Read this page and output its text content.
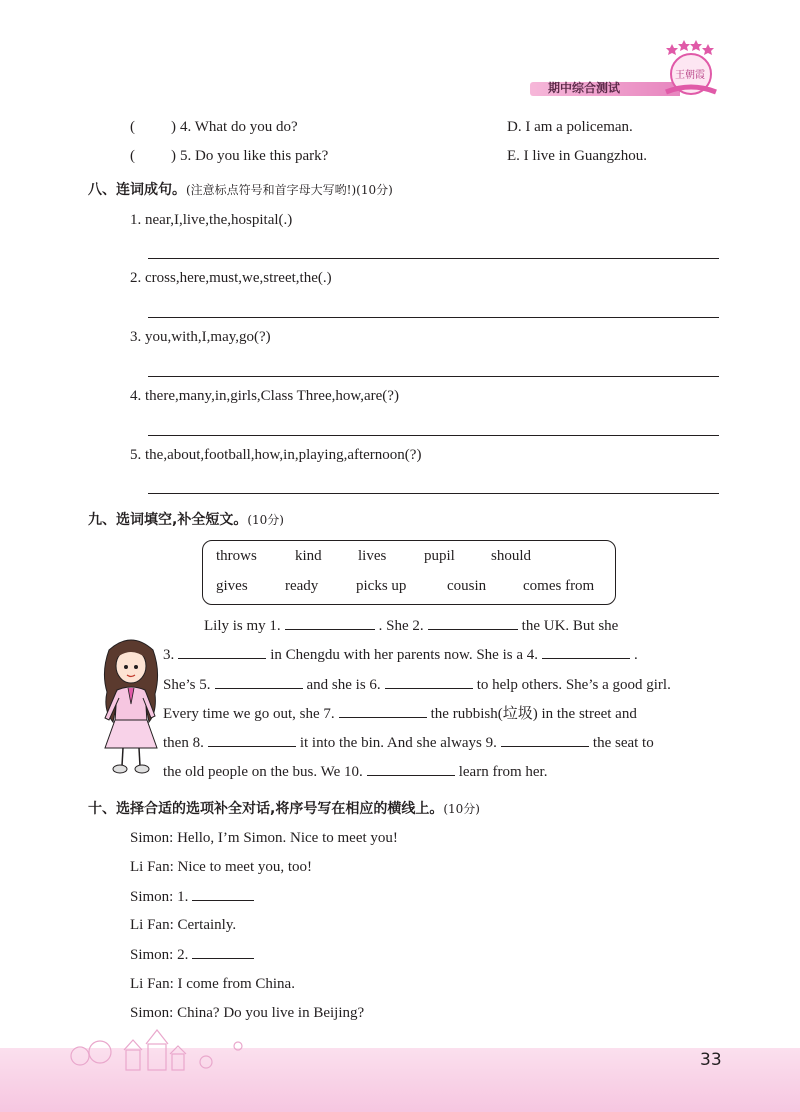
期中综合测试
王朝霞
( ) 4. What do you do?	D. I am a policeman.
( ) 5. Do you like this park?	E. I live in Guangzhou.
八、连词成句。(注意标点符号和首字母大写哟!)(10分)
1. near,I,live,the,hospital(.)
2. cross,here,must,we,street,the(.)
3. you,with,I,may,go(?)
4. there,many,in,girls,Class Three,how,are(?)
5. the,about,football,how,in,playing,afternoon(?)
九、选词填空,补全短文。(10分)
throws	kind lives	pupil should
gives ready	picks up	cousin comes from
Lily is my 1.	. She 2.	the UK. But she
3.	in Chengdu with her parents now. She is a 4.	.
She’s 5.	and she is 6.	to help others. She’s a good girl.
Every time we go out, she 7.	the rubbish(垃圾) in the street and
then 8.	it into the bin. And she always 9.	the seat to
the old people on the bus. We 10.	learn from her.
十、选择合适的选项补全对话,将序号写在相应的横线上。(10分)
Simon: Hello, I’m Simon. Nice to meet you!
Li Fan: Nice to meet you, too!
Simon: 1.
Li Fan: Certainly.
Simon: 2.
Li Fan: I come from China.
Simon: China? Do you live in Beijing?
33
